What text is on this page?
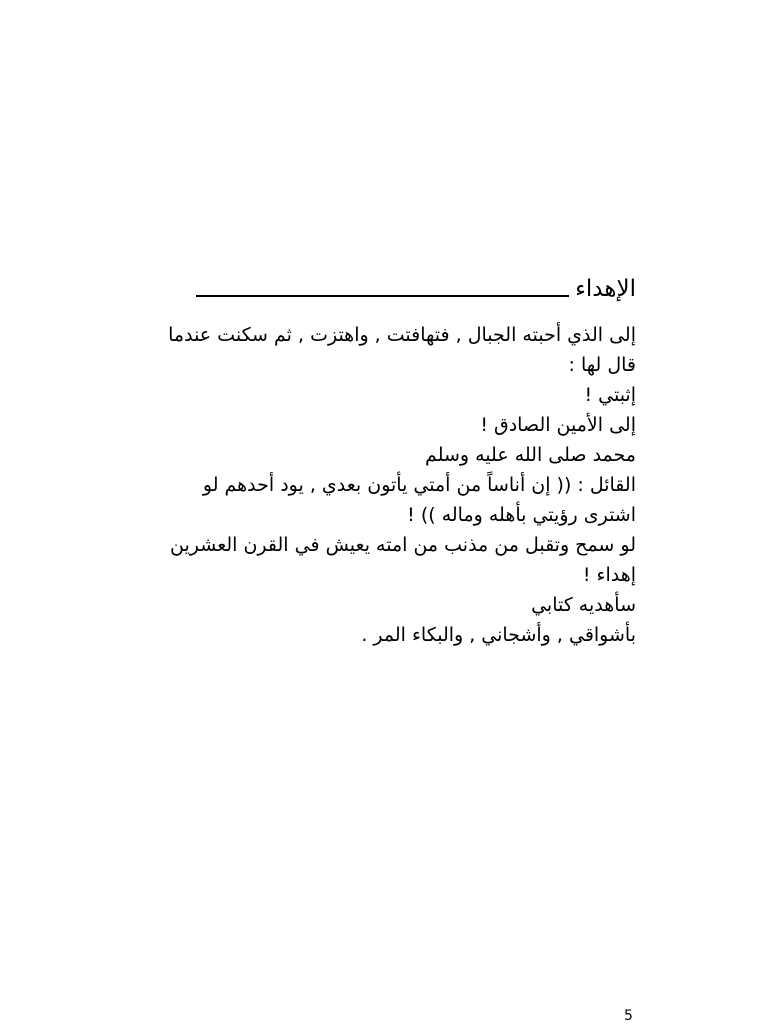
الإهداء
إلى الذي أحبته الجبال , فتهافتت , واهتزت , ثم سكنت عندما
قال لها :
إثبتي !
إلى الأمين الصادق !
محمد صلى الله عليه وسلم
القائل : (( إن أناساً من أمتي يأتون بعدي , يود أحدهم لو
اشترى رؤيتي بأهله وماله )) !
لو سمح وتقبل من مذنب من امته يعيش في القرن العشرين
إهداء !
سأهديه كتابي
بأشواقي , وأشجاني , والبكاء المر .
5
